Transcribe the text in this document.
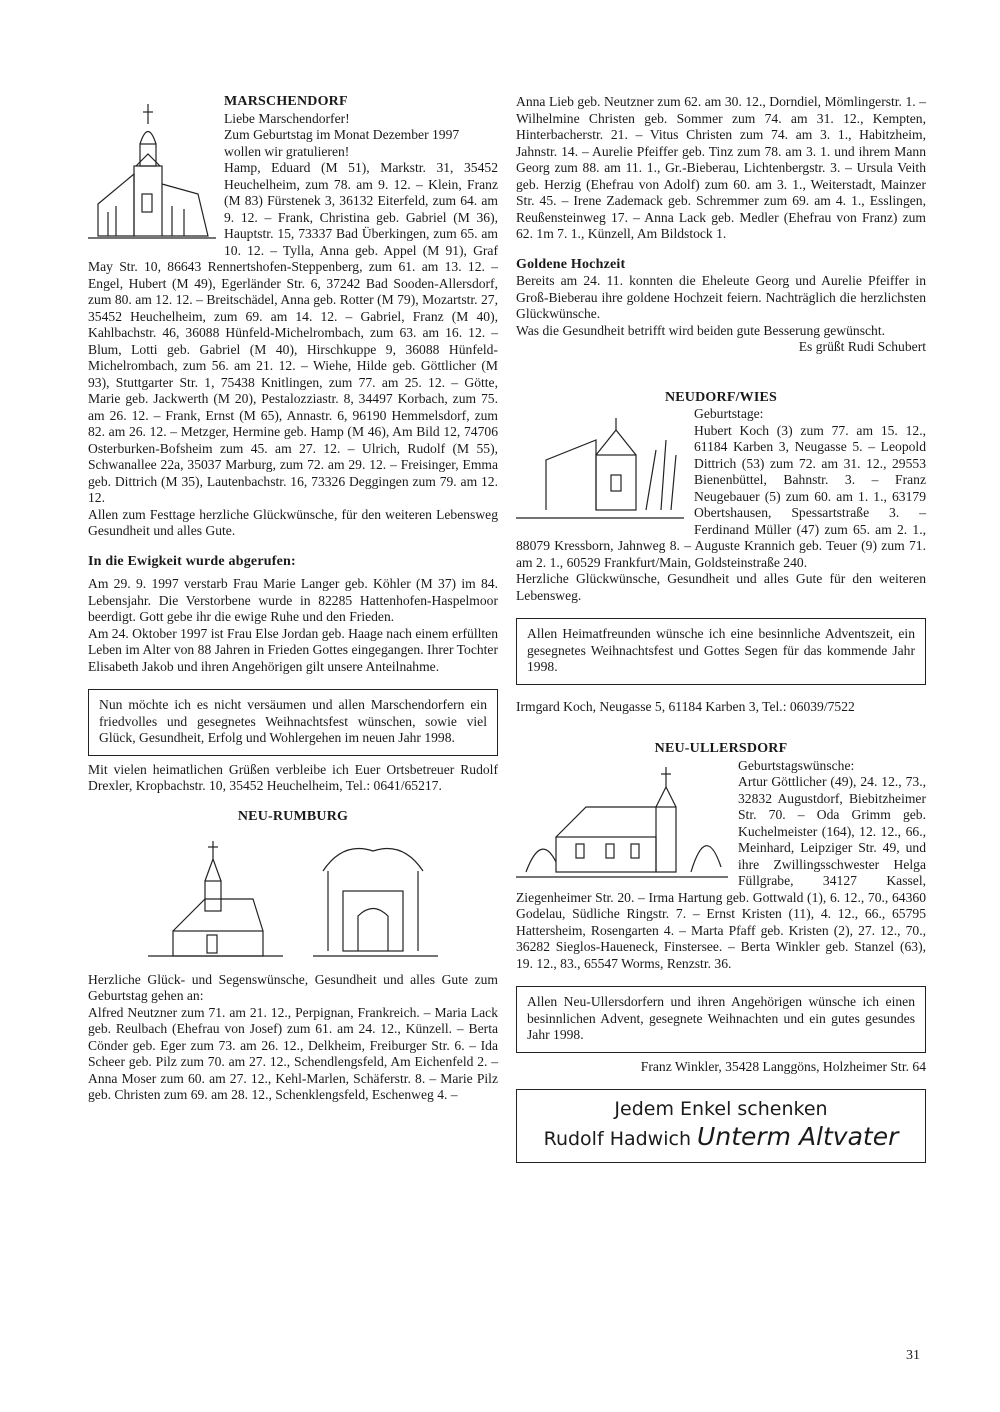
MARSCHENDORF
Liebe Marschendorfer!
Zum Geburtstag im Monat Dezember 1997 wollen wir gratulieren!

Hamp, Eduard (M 51), Markstr. 31, 35452 Heuchelheim, zum 78. am 9. 12. – Klein, Franz (M 83) Fürstenek 3, 36132 Eiterfeld, zum 64. am 9. 12. – Frank, Christina geb. Gabriel (M 36), Hauptstr. 15, 73337 Bad Überkingen, zum 65. am 10. 12. – Tylla, Anna geb. Appel (M 91), Graf May Str. 10, 86643 Rennertshofen-Steppenberg, zum 61. am 13. 12. – Engel, Hubert (M 49), Egerländer Str. 6, 37242 Bad Sooden-Allersdorf, zum 80. am 12. 12. – Breitschädel, Anna geb. Rotter (M 79), Mozartstr. 27, 35452 Heuchelheim, zum 69. am 14. 12. – Gabriel, Franz (M 40), Kahlbachstr. 46, 36088 Hünfeld-Michelrombach, zum 63. am 16. 12. – Blum, Lotti geb. Gabriel (M 40), Hirschkuppe 9, 36088 Hünfeld-Michelrombach, zum 56. am 21. 12. – Wiehe, Hilde geb. Göttlicher (M 93), Stuttgarter Str. 1, 75438 Knitlingen, zum 77. am 25. 12. – Götte, Marie geb. Jackwerth (M 20), Pestalozziastr. 8, 34497 Korbach, zum 75. am 26. 12. – Frank, Ernst (M 65), Annastr. 6, 96190 Hemmelsdorf, zum 82. am 26. 12. – Metzger, Hermine geb. Hamp (M 46), Am Bild 12, 74706 Osterburken-Bofsheim zum 45. am 27. 12. – Ulrich, Rudolf (M 55), Schwanallee 22a, 35037 Marburg, zum 72. am 29. 12. – Freisinger, Emma geb. Dittrich (M 35), Lautenbachstr. 16, 73326 Deggingen zum 79. am 12. 12.

Allen zum Festtage herzliche Glückwünsche, für den weiteren Lebensweg Gesundheit und alles Gute.

In die Ewigkeit wurde abgerufen:

Am 29. 9. 1997 verstarb Frau Marie Langer geb. Köhler (M 37) im 84. Lebensjahr. Die Verstorbene wurde in 82285 Hattenhofen-Haspelmoor beerdigt. Gott gebe ihr die ewige Ruhe und den Frieden.

Am 24. Oktober 1997 ist Frau Else Jordan geb. Haage nach einem erfüllten Leben im Alter von 88 Jahren in Frieden Gottes eingegangen. Ihrer Tochter Elisabeth Jakob und ihren Angehörigen gilt unsere Anteilnahme.

Nun möchte ich es nicht versäumen und allen Marschendorfern ein friedvolles und gesegnetes Weihnachtsfest wünschen, sowie viel Glück, Gesundheit, Erfolg und Wohlergehen im neuen Jahr 1998.

Mit vielen heimatlichen Grüßen verbleibe ich Euer Ortsbetreuer Rudolf Drexler, Kropbachstr. 10, 35452 Heuchelheim, Tel.: 0641/65217.

NEU-RUMBURG

Herzliche Glück- und Segenswünsche, Gesundheit und alles Gute zum Geburtstag gehen an:

Alfred Neutzner zum 71. am 21. 12., Perpignan, Frankreich. – Maria Lack geb. Reulbach (Ehefrau von Josef) zum 61. am 24. 12., Künzell. – Berta Cönder geb. Eger zum 73. am 26. 12., Delkheim, Freiburger Str. 6. – Ida Scheer geb. Pilz zum 70. am 27. 12., Schendlengsfeld, Am Eichenfeld 2. – Anna Moser zum 60. am 27. 12., Kehl-Marlen, Schäferstr. 8. – Marie Pilz geb. Christen zum 69. am 28. 12., Schenklengsfeld, Eschenweg 4. –

Anna Lieb geb. Neutzner zum 62. am 30. 12., Dorndiel, Mömlingerstr. 1. – Wilhelmine Christen geb. Sommer zum 74. am 31. 12., Kempten, Hinterbacherstr. 21. – Vitus Christen zum 74. am 3. 1., Habitzheim, Jahnstr. 14. – Aurelie Pfeiffer geb. Tinz zum 78. am 3. 1. und ihrem Mann Georg zum 88. am 11. 1., Gr.-Bieberau, Lichtenbergstr. 3. – Ursula Veith geb. Herzig (Ehefrau von Adolf) zum 60. am 3. 1., Weiterstadt, Mainzer Str. 45. – Irene Zademack geb. Schremmer zum 69. am 4. 1., Esslingen, Reußensteinweg 17. – Anna Lack geb. Medler (Ehefrau von Franz) zum 62. 1m 7. 1., Künzell, Am Bildstock 1.

Goldene Hochzeit

Bereits am 24. 11. konnten die Eheleute Georg und Aurelie Pfeiffer in Groß-Bieberau ihre goldene Hochzeit feiern. Nachträglich die herzlichsten Glückwünsche.

Was die Gesundheit betrifft wird beiden gute Besserung gewünscht.

Es grüßt Rudi Schubert

NEUDORF/WIES
Geburtstage:

Hubert Koch (3) zum 77. am 15. 12., 61184 Karben 3, Neugasse 5. – Leopold Dittrich (53) zum 72. am 31. 12., 29553 Bienenbüttel, Bahnstr. 3. – Franz Neugebauer (5) zum 60. am 1. 1., 63179 Obertshausen, Spessartstraße 3. – Ferdinand Müller (47) zum 65. am 2. 1., 88079 Kressborn, Jahnweg 8. – Auguste Krannich geb. Teuer (9) zum 71. am 2. 1., 60529 Frankfurt/Main, Goldsteinstraße 240.

Herzliche Glückwünsche, Gesundheit und alles Gute für den weiteren Lebensweg.

Allen Heimatfreunden wünsche ich eine besinnliche Adventszeit, ein gesegnetes Weihnachtsfest und Gottes Segen für das kommende Jahr 1998.

Irmgard Koch, Neugasse 5, 61184 Karben 3, Tel.: 06039/7522

NEU-ULLERSDORF
Geburtstagswünsche:

Artur Göttlicher (49), 24. 12., 73., 32832 Augustdorf, Biebitzheimer Str. 70. – Oda Grimm geb. Kuchelmeister (164), 12. 12., 66., Meinhard, Leipziger Str. 49, und ihre Zwillingsschwester Helga Füllgrabe, 34127 Kassel, Ziegenheimer Str. 20. – Irma Hartung geb. Gottwald (1), 6. 12., 70., 64360 Godelau, Südliche Ringstr. 7. – Ernst Kristen (11), 4. 12., 66., 65795 Hattersheim, Rosengarten 4. – Marta Pfaff geb. Kristen (2), 27. 12., 70., 36282 Sieglos-Haueneck, Finstersee. – Berta Winkler geb. Stanzel (63), 19. 12., 83., 65547 Worms, Renzstr. 36.

Allen Neu-Ullersdorfern und ihren Angehörigen wünsche ich einen besinnlichen Advent, gesegnete Weihnachten und ein gutes gesundes Jahr 1998.

Franz Winkler, 35428 Langgöns, Holzheimer Str. 64

Jedem Enkel schenken
Rudolf Hadwich Unterm Altvater
31
